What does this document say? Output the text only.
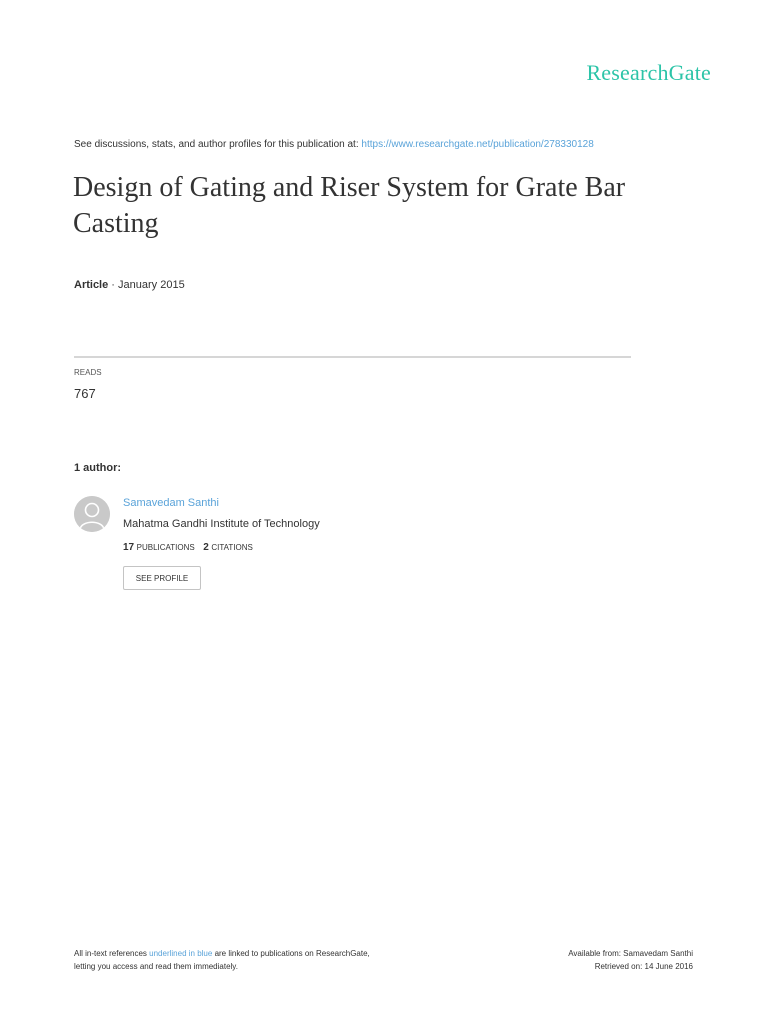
ResearchGate
See discussions, stats, and author profiles for this publication at: https://www.researchgate.net/publication/278330128
Design of Gating and Riser System for Grate Bar Casting
Article · January 2015
READS
767
1 author:
Samavedam Santhi
Mahatma Gandhi Institute of Technology
17 PUBLICATIONS 2 CITATIONS
SEE PROFILE
All in-text references underlined in blue are linked to publications on ResearchGate,
letting you access and read them immediately.
Available from: Samavedam Santhi
Retrieved on: 14 June 2016
